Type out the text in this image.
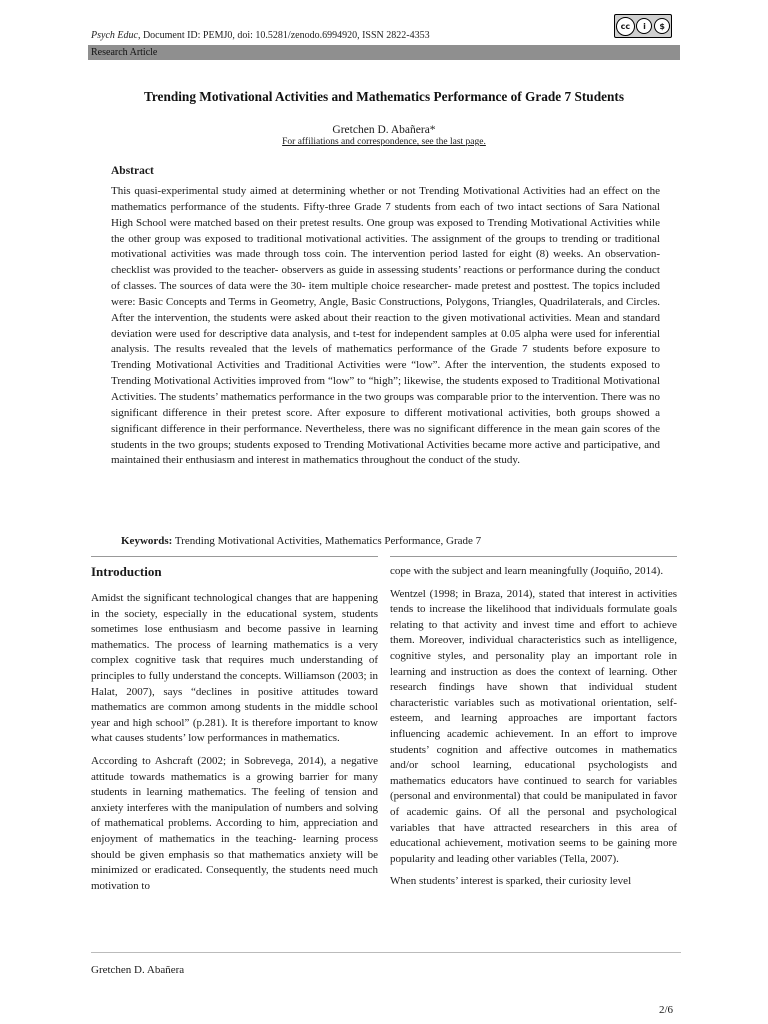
Psych Educ, Document ID: PEMJ0, doi: 10.5281/zenodo.6994920, ISSN 2822-4353
cc	i	$
Research Article
Trending Motivational Activities and Mathematics Performance of Grade 7 Students
Gretchen D. Abañera*
For affiliations and correspondence, see the last page.
Abstract

This quasi-experimental study aimed at determining whether or not Trending Motivational Activities had an effect on the mathematics performance of the students. Fifty-three Grade 7 students from each of two intact sections of Sara National High School were matched based on their pretest results. One group was exposed to Trending Motivational Activities while the other group was exposed to traditional motivational activities. The assignment of the groups to trending or traditional motivational activities was made through toss coin. The intervention period lasted for eight (8) weeks. An observation- checklist was provided to the teacher- observers as guide in assessing students’ reactions or performance during the conduct of classes. The sources of data were the 30- item multiple choice researcher- made pretest and posttest. The topics included were: Basic Concepts and Terms in Geometry, Angle, Basic Constructions, Polygons, Triangles, Quadrilaterals, and Circles. After the intervention, the students were asked about their reaction to the given motivational activities. Mean and standard deviation were used for descriptive data analysis, and t-test for independent samples at 0.05 alpha were used for inferential analysis. The results revealed that the levels of mathematics performance of the Grade 7 students before exposure to Trending Motivational Activities and Traditional Activities were “low”. After the intervention, the students exposed to Trending Motivational Activities improved from “low” to “high”; likewise, the students exposed to Traditional Motivational Activities. The students’ mathematics performance in the two groups was comparable prior to the intervention. There was no significant difference in their pretest score. After exposure to different motivational activities, both groups showed a significant difference in their performance. Nevertheless, there was no significant difference in the mean gain scores of the students in the two groups; students exposed to Trending Motivational Activities became more active and participative, and maintained their enthusiasm and interest in mathematics throughout the conduct of the study.

Keywords: Trending Motivational Activities, Mathematics Performance, Grade 7

Introduction

Amidst the significant technological changes that are happening in the society, especially in the educational system, students sometimes lose enthusiasm and become passive in learning mathematics. The process of learning mathematics is a very complex cognitive task that requires much understanding of principles to fully understand the concepts. Williamson (2003; in Halat, 2007), says “declines in positive attitudes toward mathematics are common among students in the middle school year and high school” (p.281). It is therefore important to know what causes students’ low performances in mathematics.

According to Ashcraft (2002; in Sobrevega, 2014), a negative attitude towards mathematics is a growing barrier for many students in learning mathematics. The feeling of tension and anxiety interferes with the manipulation of numbers and solving of mathematical problems. According to him, appreciation and enjoyment of mathematics in the teaching- learning process should be given emphasis so that mathematics anxiety will be minimized or eradicated. Consequently, the students need much motivation to

cope with the subject and learn meaningfully (Joquiño, 2014).

Wentzel (1998; in Braza, 2014), stated that interest in activities tends to increase the likelihood that individuals formulate goals relating to that activity and invest time and effort to achieve them. Moreover, individual characteristics such as intelligence, cognitive styles, and personality play an important role in learning and instruction as does the context of learning. Other research findings have shown that individual student characteristic variables such as motivational orientation, self-esteem, and learning approaches are important factors influencing academic achievement. In an effort to improve students’ cognition and affective outcomes in mathematics and/or school learning, educational psychologists and mathematics educators have continued to search for variables (personal and environmental) that could be manipulated in favor of academic gains. Of all the personal and psychological variables that have attracted researchers in this area of educational achievement, motivation seems to be gaining more popularity and leading other variables (Tella, 2007).

When students’ interest is sparked, their curiosity level

Gretchen D. Abañera
2/6
